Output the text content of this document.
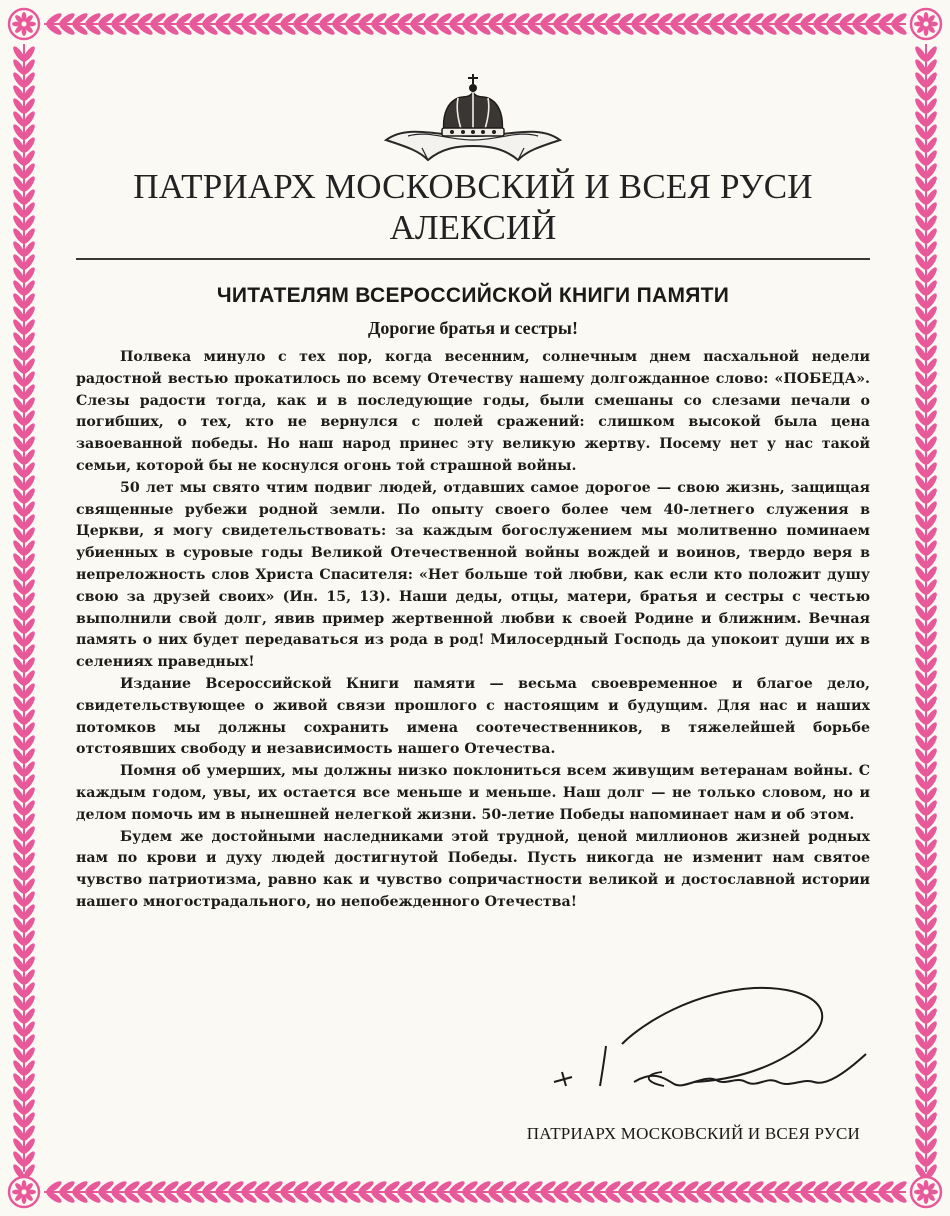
ПАТРИАРХ МОСКОВСКИЙ И ВСЕЯ РУСИ
АЛЕКСИЙ
ЧИТАТЕЛЯМ ВСЕРОССИЙСКОЙ КНИГИ ПАМЯТИ
Дорогие братья и сестры!

Полвека минуло с тех пор, когда весенним, солнечным днем пасхальной недели радостной вестью прокатилось по всему Отечеству нашему долгожданное слово: «ПОБЕДА». Слезы радости тогда, как и в последующие годы, были смешаны со слезами печали о погибших, о тех, кто не вернулся с полей сражений: слишком высокой была цена завоеванной победы. Но наш народ принес эту великую жертву. Посему нет у нас такой семьи, которой бы не коснулся огонь той страшной войны.

50 лет мы свято чтим подвиг людей, отдавших самое дорогое — свою жизнь, защищая священные рубежи родной земли. По опыту своего более чем 40-летнего служения в Церкви, я могу свидетельствовать: за каждым богослужением мы молитвенно поминаем убиенных в суровые годы Великой Отечественной войны вождей и воинов, твердо веря в непреложность слов Христа Спасителя: «Нет больше той любви, как если кто положит душу свою за друзей своих» (Ин. 15, 13). Наши деды, отцы, матери, братья и сестры с честью выполнили свой долг, явив пример жертвенной любви к своей Родине и ближним. Вечная память о них будет передаваться из рода в род! Милосердный Господь да упокоит души их в селениях праведных!

Издание Всероссийской Книги памяти — весьма своевременное и благое дело, свидетельствующее о живой связи прошлого с настоящим и будущим. Для нас и наших потомков мы должны сохранить имена соотечественников, в тяжелейшей борьбе отстоявших свободу и независимость нашего Отечества.

Помня об умерших, мы должны низко поклониться всем живущим ветеранам войны. С каждым годом, увы, их остается все меньше и меньше. Наш долг — не только словом, но и делом помочь им в нынешней нелегкой жизни. 50-летие Победы напоминает нам и об этом.

Будем же достойными наследниками этой трудной, ценой миллионов жизней родных нам по крови и духу людей достигнутой Победы. Пусть никогда не изменит нам святое чувство патриотизма, равно как и чувство сопричастности великой и достославной истории нашего многострадального, но непобежденного Отечества!

ПАТРИАРХ МОСКОВСКИЙ И ВСЕЯ РУСИ
